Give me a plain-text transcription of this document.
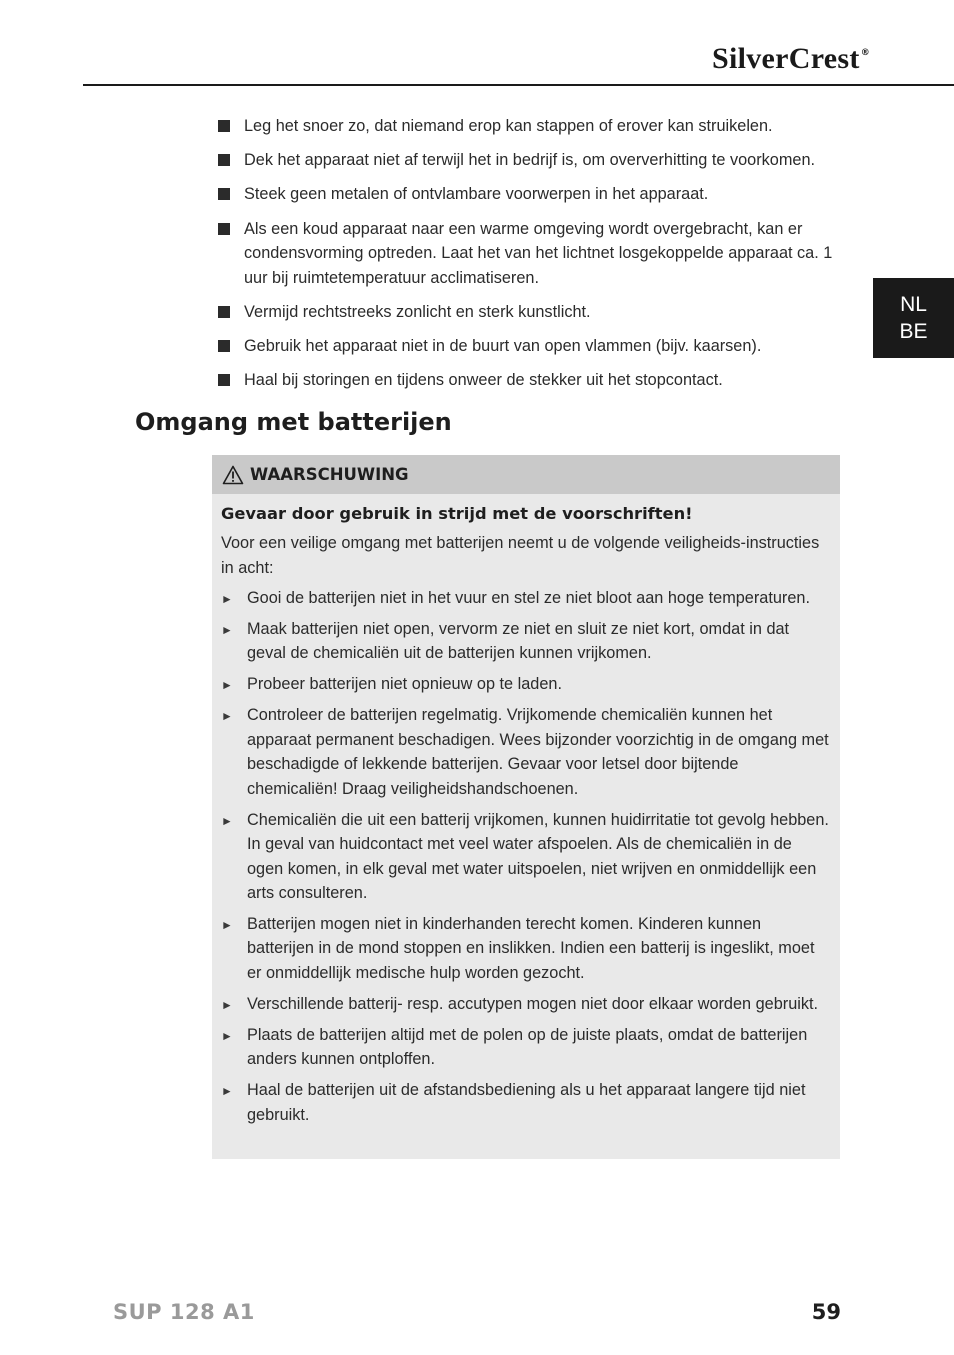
SilverCrest®
NL
BE
Leg het snoer zo, dat niemand erop kan stappen of erover kan struikelen.
Dek het apparaat niet af terwijl het in bedrijf is, om oververhitting te voorkomen.
Steek geen metalen of ontvlambare voorwerpen in het apparaat.
Als een koud apparaat naar een warme omgeving wordt overgebracht, kan er condensvorming optreden. Laat het van het lichtnet losgekoppelde apparaat ca. 1 uur bij ruimtetemperatuur acclimatiseren.
Vermijd rechtstreeks zonlicht en sterk kunstlicht.
Gebruik het apparaat niet in de buurt van open vlammen (bijv. kaarsen).
Haal bij storingen en tijdens onweer de stekker uit het stopcontact.
Omgang met batterijen
WAARSCHUWING
Gevaar door gebruik in strijd met de voorschriften!
Voor een veilige omgang met batterijen neemt u de volgende veiligheids-instructies in acht:
► Gooi de batterijen niet in het vuur en stel ze niet bloot aan hoge temperaturen.
► Maak batterijen niet open, vervorm ze niet en sluit ze niet kort, omdat in dat geval de chemicaliën uit de batterijen kunnen vrijkomen.
► Probeer batterijen niet opnieuw op te laden.
► Controleer de batterijen regelmatig. Vrijkomende chemicaliën kunnen het apparaat permanent beschadigen. Wees bijzonder voorzichtig in de omgang met beschadigde of lekkende batterijen. Gevaar voor letsel door bijtende chemicaliën! Draag veiligheidshandschoenen.
► Chemicaliën die uit een batterij vrijkomen, kunnen huidirritatie tot gevolg hebben. In geval van huidcontact met veel water afspoelen. Als de chemicaliën in de ogen komen, in elk geval met water uitspoelen, niet wrijven en onmiddellijk een arts consulteren.
► Batterijen mogen niet in kinderhanden terecht komen. Kinderen kunnen batterijen in de mond stoppen en inslikken. Indien een batterij is ingeslikt, moet er onmiddellijk medische hulp worden gezocht.
► Verschillende batterij- resp. accutypen mogen niet door elkaar worden gebruikt.
► Plaats de batterijen altijd met de polen op de juiste plaats, omdat de batterijen anders kunnen ontploffen.
► Haal de batterijen uit de afstandsbediening als u het apparaat langere tijd niet gebruikt.
SUP 128 A1	59
